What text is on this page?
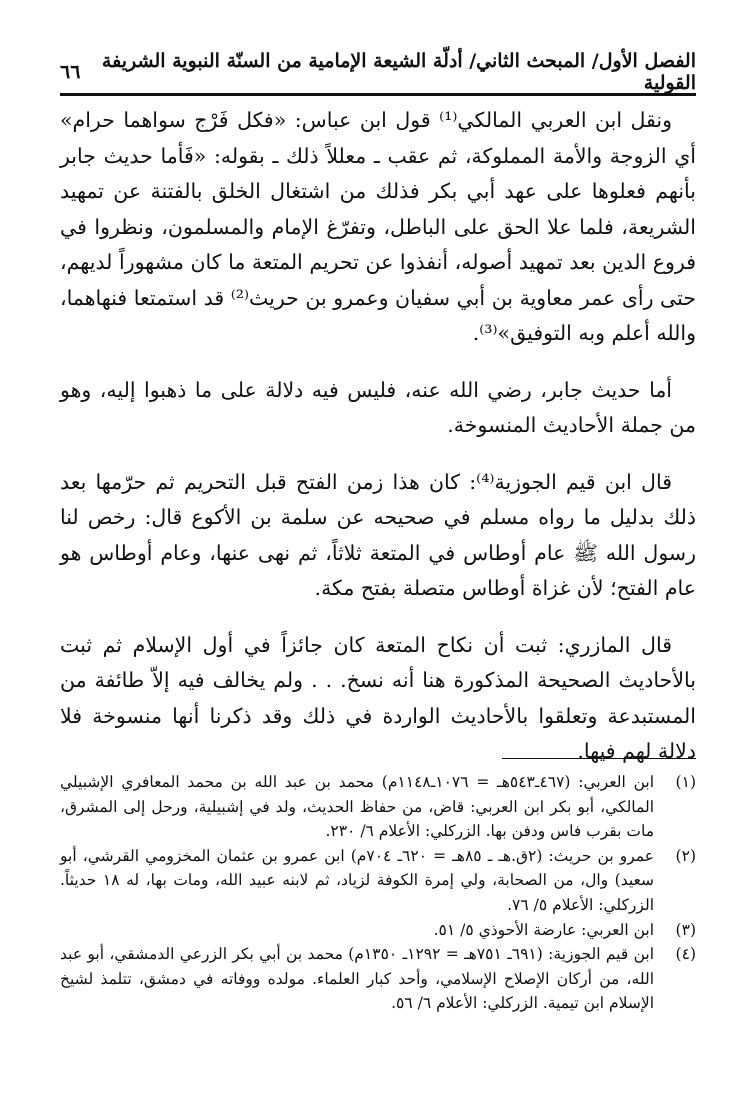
الفصل الأول/ المبحث الثاني/ أدلّة الشيعة الإمامية من السنّة النبوية الشريفة القولية
٦٦

ونقل ابن العربي المالكي⁽¹⁾ قول ابن عباس: «فكل فَرْج سواهما حرام» أي الزوجة والأمة المملوكة، ثم عقب ـ معللاً ذلك ـ بقوله: «فَأما حديث جابر بأنهم فعلوها على عهد أبي بكر فذلك من اشتغال الخلق بالفتنة عن تمهيد الشريعة، فلما علا الحق على الباطل، وتفرّغ الإمام والمسلمون، ونظروا في فروع الدين بعد تمهيد أصوله، أنفذوا عن تحريم المتعة ما كان مشهوراً لديهم، حتى رأى عمر معاوية بن أبي سفيان وعمرو بن حريث⁽²⁾ قد استمتعا فنهاهما، والله أعلم وبه التوفيق»⁽³⁾.

أما حديث جابر، رضي الله عنه، فليس فيه دلالة على ما ذهبوا إليه، وهو من جملة الأحاديث المنسوخة.

قال ابن قيم الجوزية⁽⁴⁾: كان هذا زمن الفتح قبل التحريم ثم حرّمها بعد ذلك بدليل ما رواه مسلم في صحيحه عن سلمة بن الأكوع قال: رخص لنا رسول الله ﷺ عام أوطاس في المتعة ثلاثاً، ثم نهى عنها، وعام أوطاس هو عام الفتح؛ لأن غزاة أوطاس متصلة بفتح مكة.

قال المازري: ثبت أن نكاح المتعة كان جائزاً في أول الإسلام ثم ثبت بالأحاديث الصحيحة المذكورة هنا أنه نسخ. . . ولم يخالف فيه إلاّ طائفة من المستبدعة وتعلقوا بالأحاديث الواردة في ذلك وقد ذكرنا أنها منسوخة فلا دلالة لهم فيها.

(١)
ابن العربي: (٤٦٧ـ٥٤٣هـ = ١٠٧٦ـ١١٤٨م) محمد بن عبد الله بن محمد المعافري الإشبيلي المالكي، أبو بكر ابن العربي: قاض، من حفاظ الحديث، ولد في إشبيلية، ورحل إلى المشرق، مات بقرب فاس ودفن بها. الزركلي: الأعلام ٦/ ٢٣٠.
(٢)
عمرو بن حريث: (٢ق.هـ ـ ٨٥هـ = ٦٢٠ـ ٧٠٤م) ابن عمرو بن عثمان المخزومي القرشي، أبو سعيد) وال، من الصحابة، ولي إمرة الكوفة لزياد، ثم لابنه عبيد الله، ومات بها، له ١٨ حديثاً. الزركلي: الأعلام ٥/ ٧٦.
(٣)
ابن العربي: عارضة الأحوذي ٥/ ٥١.
(٤)
ابن قيم الجوزية: (٦٩١ـ ٧٥١هـ = ١٢٩٢ـ ١٣٥٠م) محمد بن أبي بكر الزرعي الدمشقي، أبو عبد الله، من أركان الإصلاح الإسلامي، وأحد كبار العلماء. مولده ووفاته في دمشق، تتلمذ لشيخ الإسلام ابن تيمية. الزركلي: الأعلام ٦/ ٥٦.
